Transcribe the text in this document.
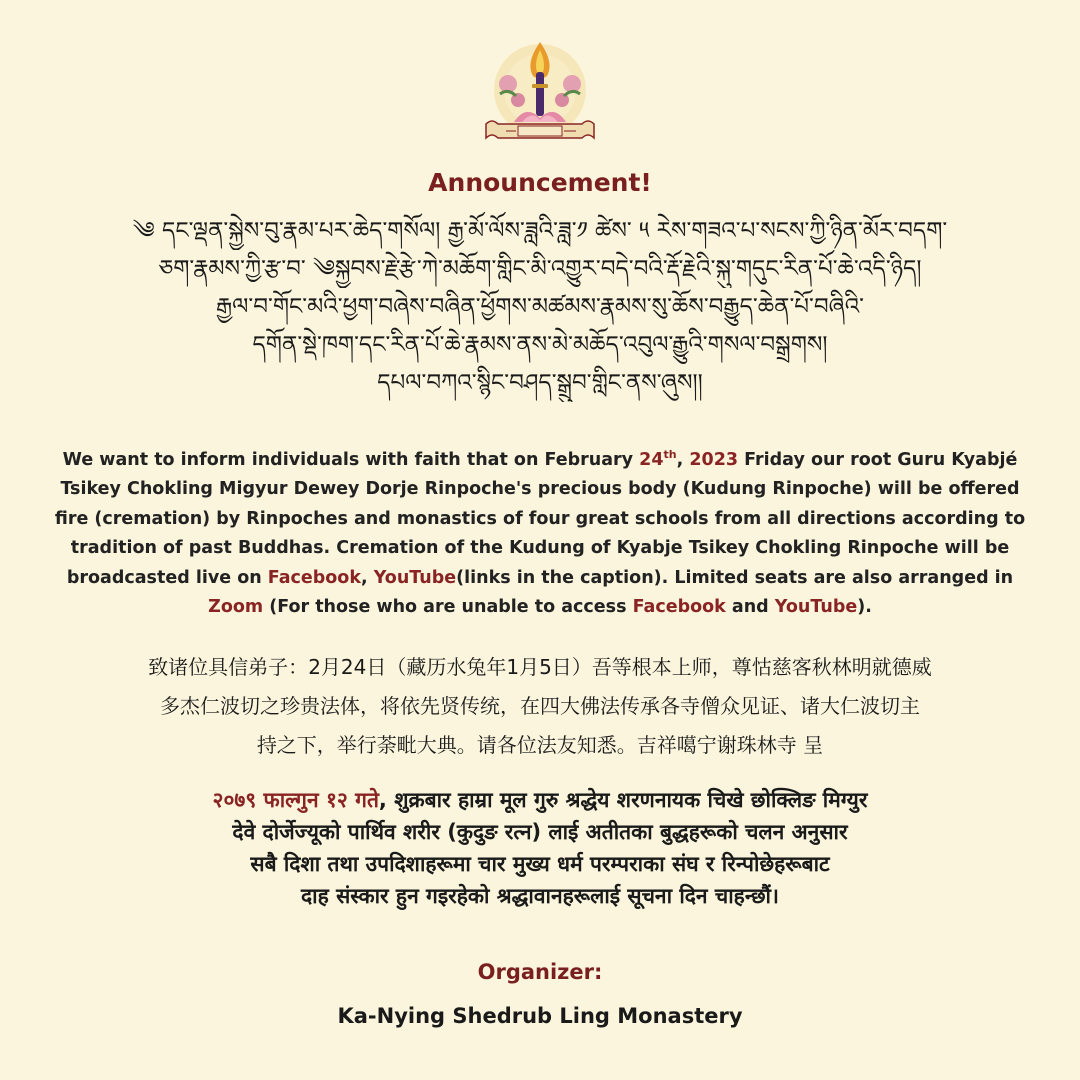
Announcement!
༄ དང་ལྡན་སྐྱེས་བུ་རྣམ་པར་ཆེད་གསོལ། རྒྱ་མོ་ལོས་ཟླའི་ཟླ་༡ ཚེས་ ༥ རེས་གཟའ་པ་སངས་ཀྱི་ཉིན་མོར་བདག་
ཅག་རྣམས་ཀྱི་རྩ་བ་ ༄སྐྱབས་རྗེ་རྩེ་ཀེ་མཆོག་གླིང་མི་འགྱུར་བདེ་བའི་རྡོ་རྗེའི་སྐུ་གདུང་རིན་པོ་ཆེ་འདི་ཉིད།
རྒྱལ་བ་གོང་མའི་ཕྱག་བཞེས་བཞིན་ཕྱོགས་མཚམས་རྣམས་སུ་ཆོས་བརྒྱུད་ཆེན་པོ་བཞིའི་
དགོན་སྡེ་ཁག་དང་རིན་པོ་ཆེ་རྣམས་ནས་མེ་མཆོད་འབུལ་རྒྱུའི་གསལ་བསྒྲགས།
དཔལ་བཀའ་སྙིང་བཤད་སྒྲུབ་གླིང་ནས་ཞུས།།
We want to inform individuals with faith that on February 24th, 2023 Friday our root Guru Kyabjé Tsikey Chokling Migyur Dewey Dorje Rinpoche's precious body (Kudung Rinpoche) will be offered fire (cremation) by Rinpoches and monastics of four great schools from all directions according to tradition of past Buddhas. Cremation of the Kudung of Kyabje Tsikey Chokling Rinpoche will be broadcasted live on Facebook, YouTube(links in the caption). Limited seats are also arranged in Zoom (For those who are unable to access Facebook and YouTube).
致诸位具信弟子：2月24日（藏历水兔年1月5日）吾等根本上师，尊怙慈客秋林明就德威
多杰仁波切之珍贵法体，将依先贤传统，在四大佛法传承各寺僧众见证、诸大仁波切主
持之下，举行荼毗大典。请各位法友知悉。吉祥噶宁谢珠林寺 呈
२०७९ फाल्गुन १२ गते, शुक्रबार हाम्रा मूल गुरु श्रद्धेय शरणनायक चिखे छोक्लिङ मिग्युर
देवे दोर्जेज्यूको पार्थिव शरीर (कुदुङ रत्न) लाई अतीतका बुद्धहरूको चलन अनुसार
सबै दिशा तथा उपदिशाहरूमा चार मुख्य धर्म परम्पराका संघ र रिन्पोछेहरूबाट
दाह संस्कार हुन गइरहेको श्रद्धावानहरूलाई सूचना दिन चाहन्छौं।
Organizer:
Ka-Nying Shedrub Ling Monastery
